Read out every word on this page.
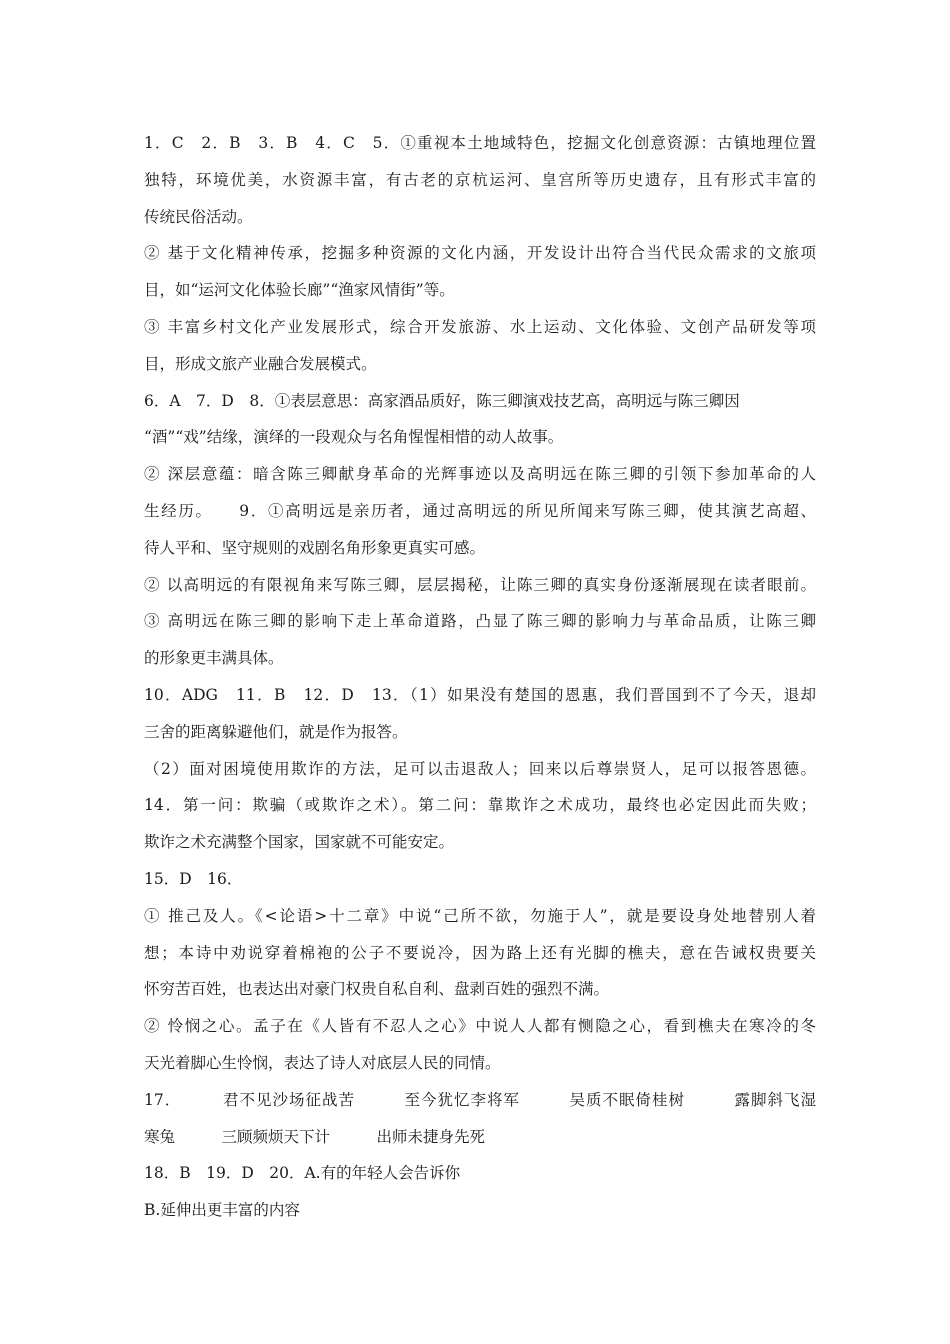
1．C　2．B　3．B　4．C　5．①重视本土地域特色，挖掘文化创意资源：古镇地理位置
独特，环境优美，水资源丰富，有古老的京杭运河、皇宫所等历史遗存，且有形式丰富的
传统民俗活动。
② 基于文化精神传承，挖掘多种资源的文化内涵，开发设计出符合当代民众需求的文旅项
目，如“运河文化体验长廊”“渔家风情街”等。
③ 丰富乡村文化产业发展形式，综合开发旅游、水上运动、文化体验、文创产品研发等项
目，形成文旅产业融合发展模式。
6．A　7．D　8．①表层意思：高家酒品质好，陈三卿演戏技艺高，高明远与陈三卿因
“酒”“戏”结缘，演绎的一段观众与名角惺惺相惜的动人故事。
② 深层意蕴：暗含陈三卿献身革命的光辉事迹以及高明远在陈三卿的引领下参加革命的人
生经历。　　9．①高明远是亲历者，通过高明远的所见所闻来写陈三卿，使其演艺高超、
待人平和、坚守规则的戏剧名角形象更真实可感。
② 以高明远的有限视角来写陈三卿，层层揭秘，让陈三卿的真实身份逐渐展现在读者眼前。
③ 高明远在陈三卿的影响下走上革命道路，凸显了陈三卿的影响力与革命品质，让陈三卿
的形象更丰满具体。
10．ADG　11．B　12．D　13．（1）如果没有楚国的恩惠，我们晋国到不了今天，退却
三舍的距离躲避他们，就是作为报答。
（2）面对困境使用欺诈的方法，足可以击退敌人；回来以后尊崇贤人，足可以报答恩德。
14．第一问：欺骗（或欺诈之术）。第二问：靠欺诈之术成功，最终也必定因此而失败；
欺诈之术充满整个国家，国家就不可能安定。
15．D　16．
① 推己及人。《<论语>十二章》中说“己所不欲，勿施于人”，就是要设身处地替别人着
想；本诗中劝说穿着棉袍的公子不要说冷，因为路上还有光脚的樵夫，意在告诫权贵要关
怀穷苦百姓，也表达出对豪门权贵自私自利、盘剥百姓的强烈不满。
② 怜悯之心。孟子在《人皆有不忍人之心》中说人人都有恻隐之心，看到樵夫在寒冷的冬
天光着脚心生怜悯，表达了诗人对底层人民的同情。
17．　　　君不见沙场征战苦　　　至今犹忆李将军　　　吴质不眠倚桂树　　　露脚斜飞湿
寒兔　　　三顾频烦天下计　　　出师未捷身先死
18．B　19．D　20．A.有的年轻人会告诉你
B.延伸出更丰富的内容
